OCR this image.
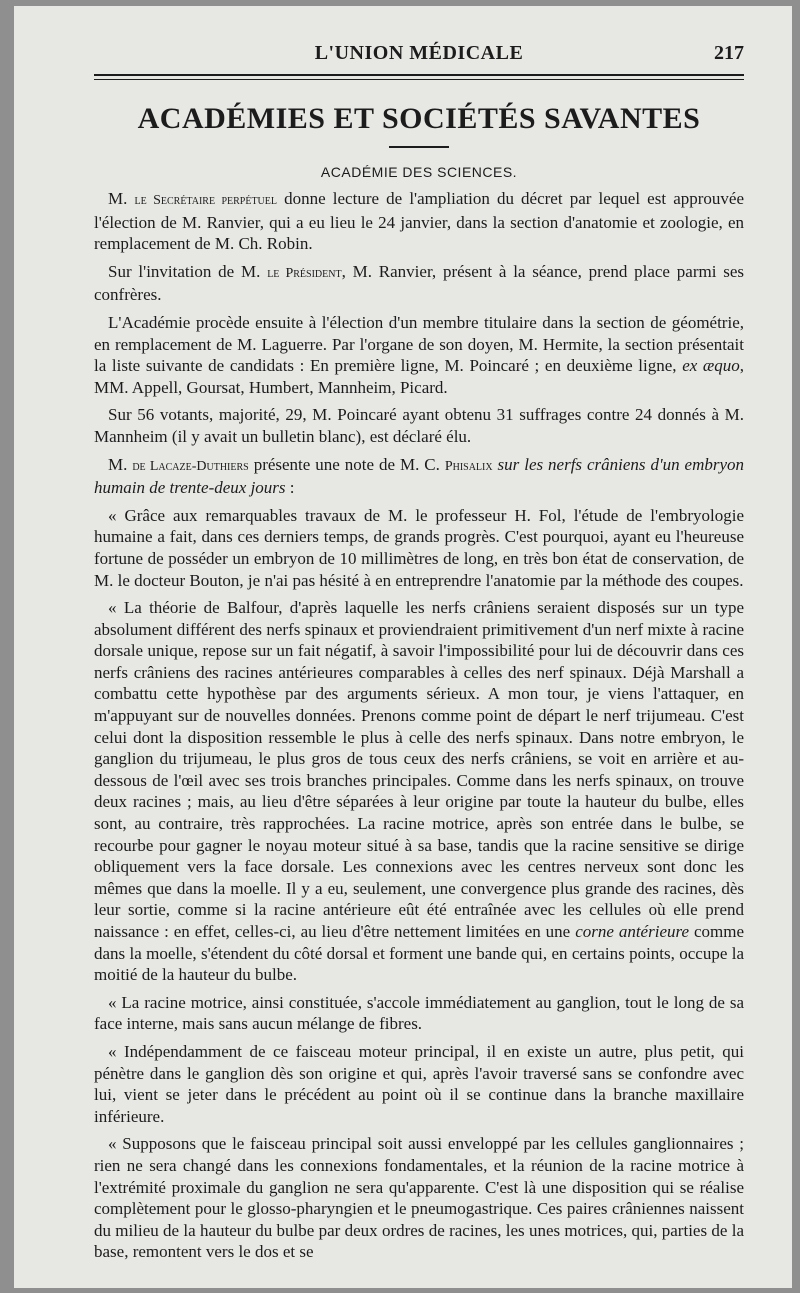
L'UNION MÉDICALE	217
ACADÉMIES ET SOCIÉTÉS SAVANTES
ACADÉMIE DES SCIENCES.

M. le Secrétaire perpétuel donne lecture de l'ampliation du décret par lequel est approuvée l'élection de M. Ranvier, qui a eu lieu le 24 janvier, dans la section d'anatomie et zoologie, en remplacement de M. Ch. Robin.

Sur l'invitation de M. le Président, M. Ranvier, présent à la séance, prend place parmi ses confrères.

L'Académie procède ensuite à l'élection d'un membre titulaire dans la section de géométrie, en remplacement de M. Laguerre. Par l'organe de son doyen, M. Hermite, la section présentait la liste suivante de candidats : En première ligne, M. Poincaré ; en deuxième ligne, ex æquo, MM. Appell, Goursat, Humbert, Mannheim, Picard.

Sur 56 votants, majorité, 29, M. Poincaré ayant obtenu 31 suffrages contre 24 donnés à M. Mannheim (il y avait un bulletin blanc), est déclaré élu.

M. de Lacaze-Duthiers présente une note de M. C. Phisalix sur les nerfs crâniens d'un embryon humain de trente-deux jours :

« Grâce aux remarquables travaux de M. le professeur H. Fol, l'étude de l'embryologie humaine a fait, dans ces derniers temps, de grands progrès. C'est pourquoi, ayant eu l'heureuse fortune de posséder un embryon de 10 millimètres de long, en très bon état de conservation, de M. le docteur Bouton, je n'ai pas hésité à en entreprendre l'anatomie par la méthode des coupes.

« La théorie de Balfour, d'après laquelle les nerfs crâniens seraient disposés sur un type absolument différent des nerfs spinaux et proviendraient primitivement d'un nerf mixte à racine dorsale unique, repose sur un fait négatif, à savoir l'impossibilité pour lui de découvrir dans ces nerfs crâniens des racines antérieures comparables à celles des nerf spinaux. Déjà Marshall a combattu cette hypothèse par des arguments sérieux. A mon tour, je viens l'attaquer, en m'appuyant sur de nouvelles données. Prenons comme point de départ le nerf trijumeau. C'est celui dont la disposition ressemble le plus à celle des nerfs spinaux. Dans notre embryon, le ganglion du trijumeau, le plus gros de tous ceux des nerfs crâniens, se voit en arrière et au-dessous de l'œil avec ses trois branches principales. Comme dans les nerfs spinaux, on trouve deux racines ; mais, au lieu d'être séparées à leur origine par toute la hauteur du bulbe, elles sont, au contraire, très rapprochées. La racine motrice, après son entrée dans le bulbe, se recourbe pour gagner le noyau moteur situé à sa base, tandis que la racine sensitive se dirige obliquement vers la face dorsale. Les connexions avec les centres nerveux sont donc les mêmes que dans la moelle. Il y a eu, seulement, une convergence plus grande des racines, dès leur sortie, comme si la racine antérieure eût été entraînée avec les cellules où elle prend naissance : en effet, celles-ci, au lieu d'être nettement limitées en une corne antérieure comme dans la moelle, s'étendent du côté dorsal et forment une bande qui, en certains points, occupe la moitié de la hauteur du bulbe.

« La racine motrice, ainsi constituée, s'accole immédiatement au ganglion, tout le long de sa face interne, mais sans aucun mélange de fibres.

« Indépendamment de ce faisceau moteur principal, il en existe un autre, plus petit, qui pénètre dans le ganglion dès son origine et qui, après l'avoir traversé sans se confondre avec lui, vient se jeter dans le précédent au point où il se continue dans la branche maxillaire inférieure.

« Supposons que le faisceau principal soit aussi enveloppé par les cellules ganglionnaires ; rien ne sera changé dans les connexions fondamentales, et la réunion de la racine motrice à l'extrémité proximale du ganglion ne sera qu'apparente. C'est là une disposition qui se réalise complètement pour le glosso-pharyngien et le pneumogastrique. Ces paires crâniennes naissent du milieu de la hauteur du bulbe par deux ordres de racines, les unes motrices, qui, parties de la base, remontent vers le dos et se
